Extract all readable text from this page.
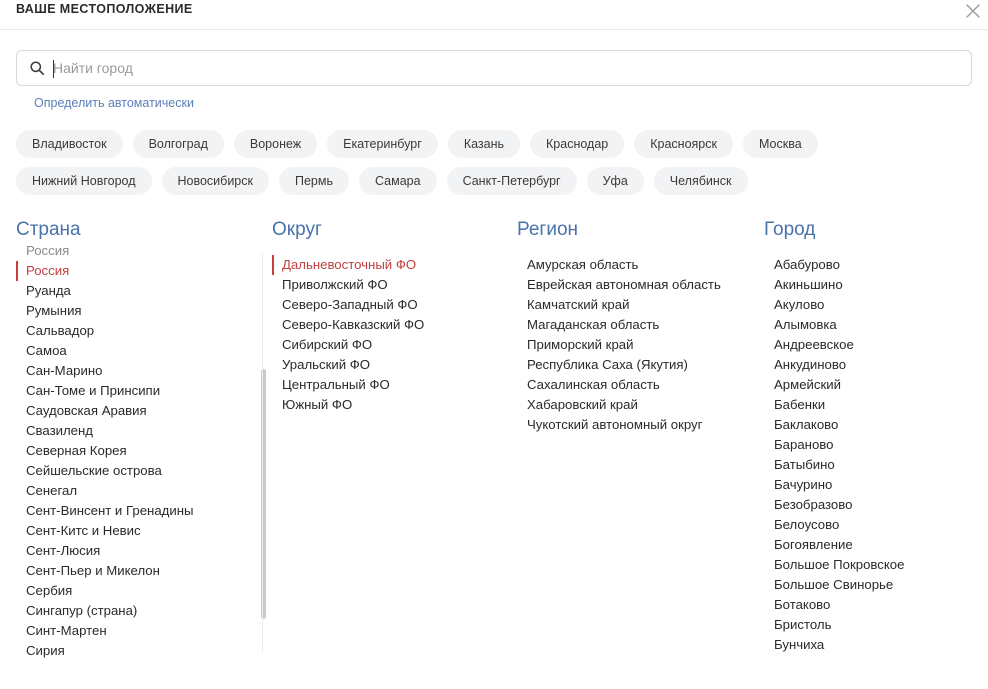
ВАШЕ МЕСТОПОЛОЖЕНИЕ
Найти город
Определить автоматически
Владивосток	Волгоград	Воронеж	Екатеринбург	Казань	Краснодар	Красноярск	Москва
Нижний Новгород	Новосибирск	Пермь	Самара	Санкт-Петербург	Уфа	Челябинск
Страна
Россия
Россия
Руанда
Румыния
Сальвадор
Самоа
Сан-Марино
Сан-Томе и Принсипи
Саудовская Аравия
Свазиленд
Северная Корея
Сейшельские острова
Сенегал
Сент-Винсент и Гренадины
Сент-Китс и Невис
Сент-Люсия
Сент-Пьер и Микелон
Сербия
Сингапур (страна)
Синт-Мартен
Сирия
Округ
Дальневосточный ФО
Приволжский ФО
Северо-Западный ФО
Северо-Кавказский ФО
Сибирский ФО
Уральский ФО
Центральный ФО
Южный ФО
Регион
Амурская область
Еврейская автономная область
Камчатский край
Магаданская область
Приморский край
Республика Саха (Якутия)
Сахалинская область
Хабаровский край
Чукотский автономный округ
Город
Абабурово
Акиньшино
Акулово
Алымовка
Андреевское
Анкудиново
Армейский
Бабенки
Баклаково
Бараново
Батыбино
Бачурино
Безобразово
Белоусово
Богоявление
Большое Покровское
Большое Свинорье
Ботаково
Бристоль
Бунчиха
